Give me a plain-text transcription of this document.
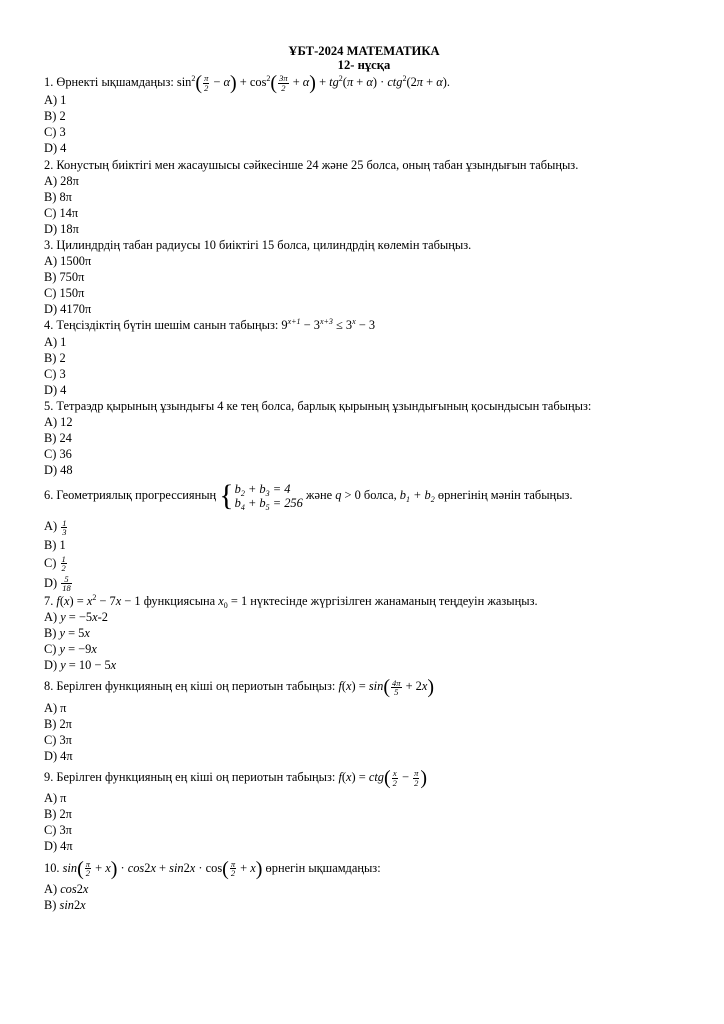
ҰБТ-2024 МАТЕМАТИКА
12- нұсқа
1. Өрнекті ықшамдаңыз: $\sin^2( \frac{\pi}{2} - \alpha) + \cos^2( \frac{3\pi}{2} + \alpha) + tg^2(\pi + \alpha) \cdot ctg^2(2\pi + \alpha)$.
A) 1
B) 2
C) 3
D) 4
2. Конустың биіктігі мен жасаушысы сәйкесінше 24 және 25 болса, оның табан ұзындығын табыңыз.
A) 28π
B) 8π
C) 14π
D) 18π
3. Цилиндрдің табан радиусы 10 биіктігі 15 болса, цилиндрдің көлемін табыңыз.
A) 1500π
B) 750π
C) 150π
D) 4170π
4. Теңсіздіктің бүтін шешім санын табыңыз: $9^{x+1} - 3^{x+3} \le 3^x - 3$
A) 1
B) 2
C) 3
D) 4
5. Тетраэдр қырының ұзындығы 4 ке тең болса, барлық қырының ұзындығының қосындысын табыңыз:
A) 12
B) 24
C) 36
D) 48
6. Геометриялық прогрессияның { $b_2 + b_3 = 4$
$b_4 + b_5 = 256$
және q > 0 болса, $b_1 + b_2$ өрнегінің мәнін табыңыз.
$A) \frac{1}{3}$
B) 1
$C) \frac{1}{2}$
$D) \frac{5}{18}$
7. $f(x) = x^2 - 7x - 1$ функциясына $x_0 = 1$ нүктесінде жүргізілген жанаманың теңдеуін жазыңыз.
A) y = −5x-2
B) y = 5x
C) y = −9x
D) y = 10 − 5x
8. Берілген функцияның ең кіші оң периотын табыңыз: $f(x) = \sin( \frac{4\pi}{5} + 2x)$
A) π
B) 2π
C) 3π
D) 4π
9. Берілген функцияның ең кіші оң периотын табыңыз: $f(x) = ctg( \frac{x}{2} - \frac{\pi}{2}$ )
A) π
B) 2π
C) 3π
D) 4π
10. $\sin( \frac{\pi}{2} + x) \cdot \cos 2x + \sin 2x \cdot \cos( \frac{\pi}{2} + x)$ өрнегін ықшамдаңыз:
A) cos2x
B) sin2x
